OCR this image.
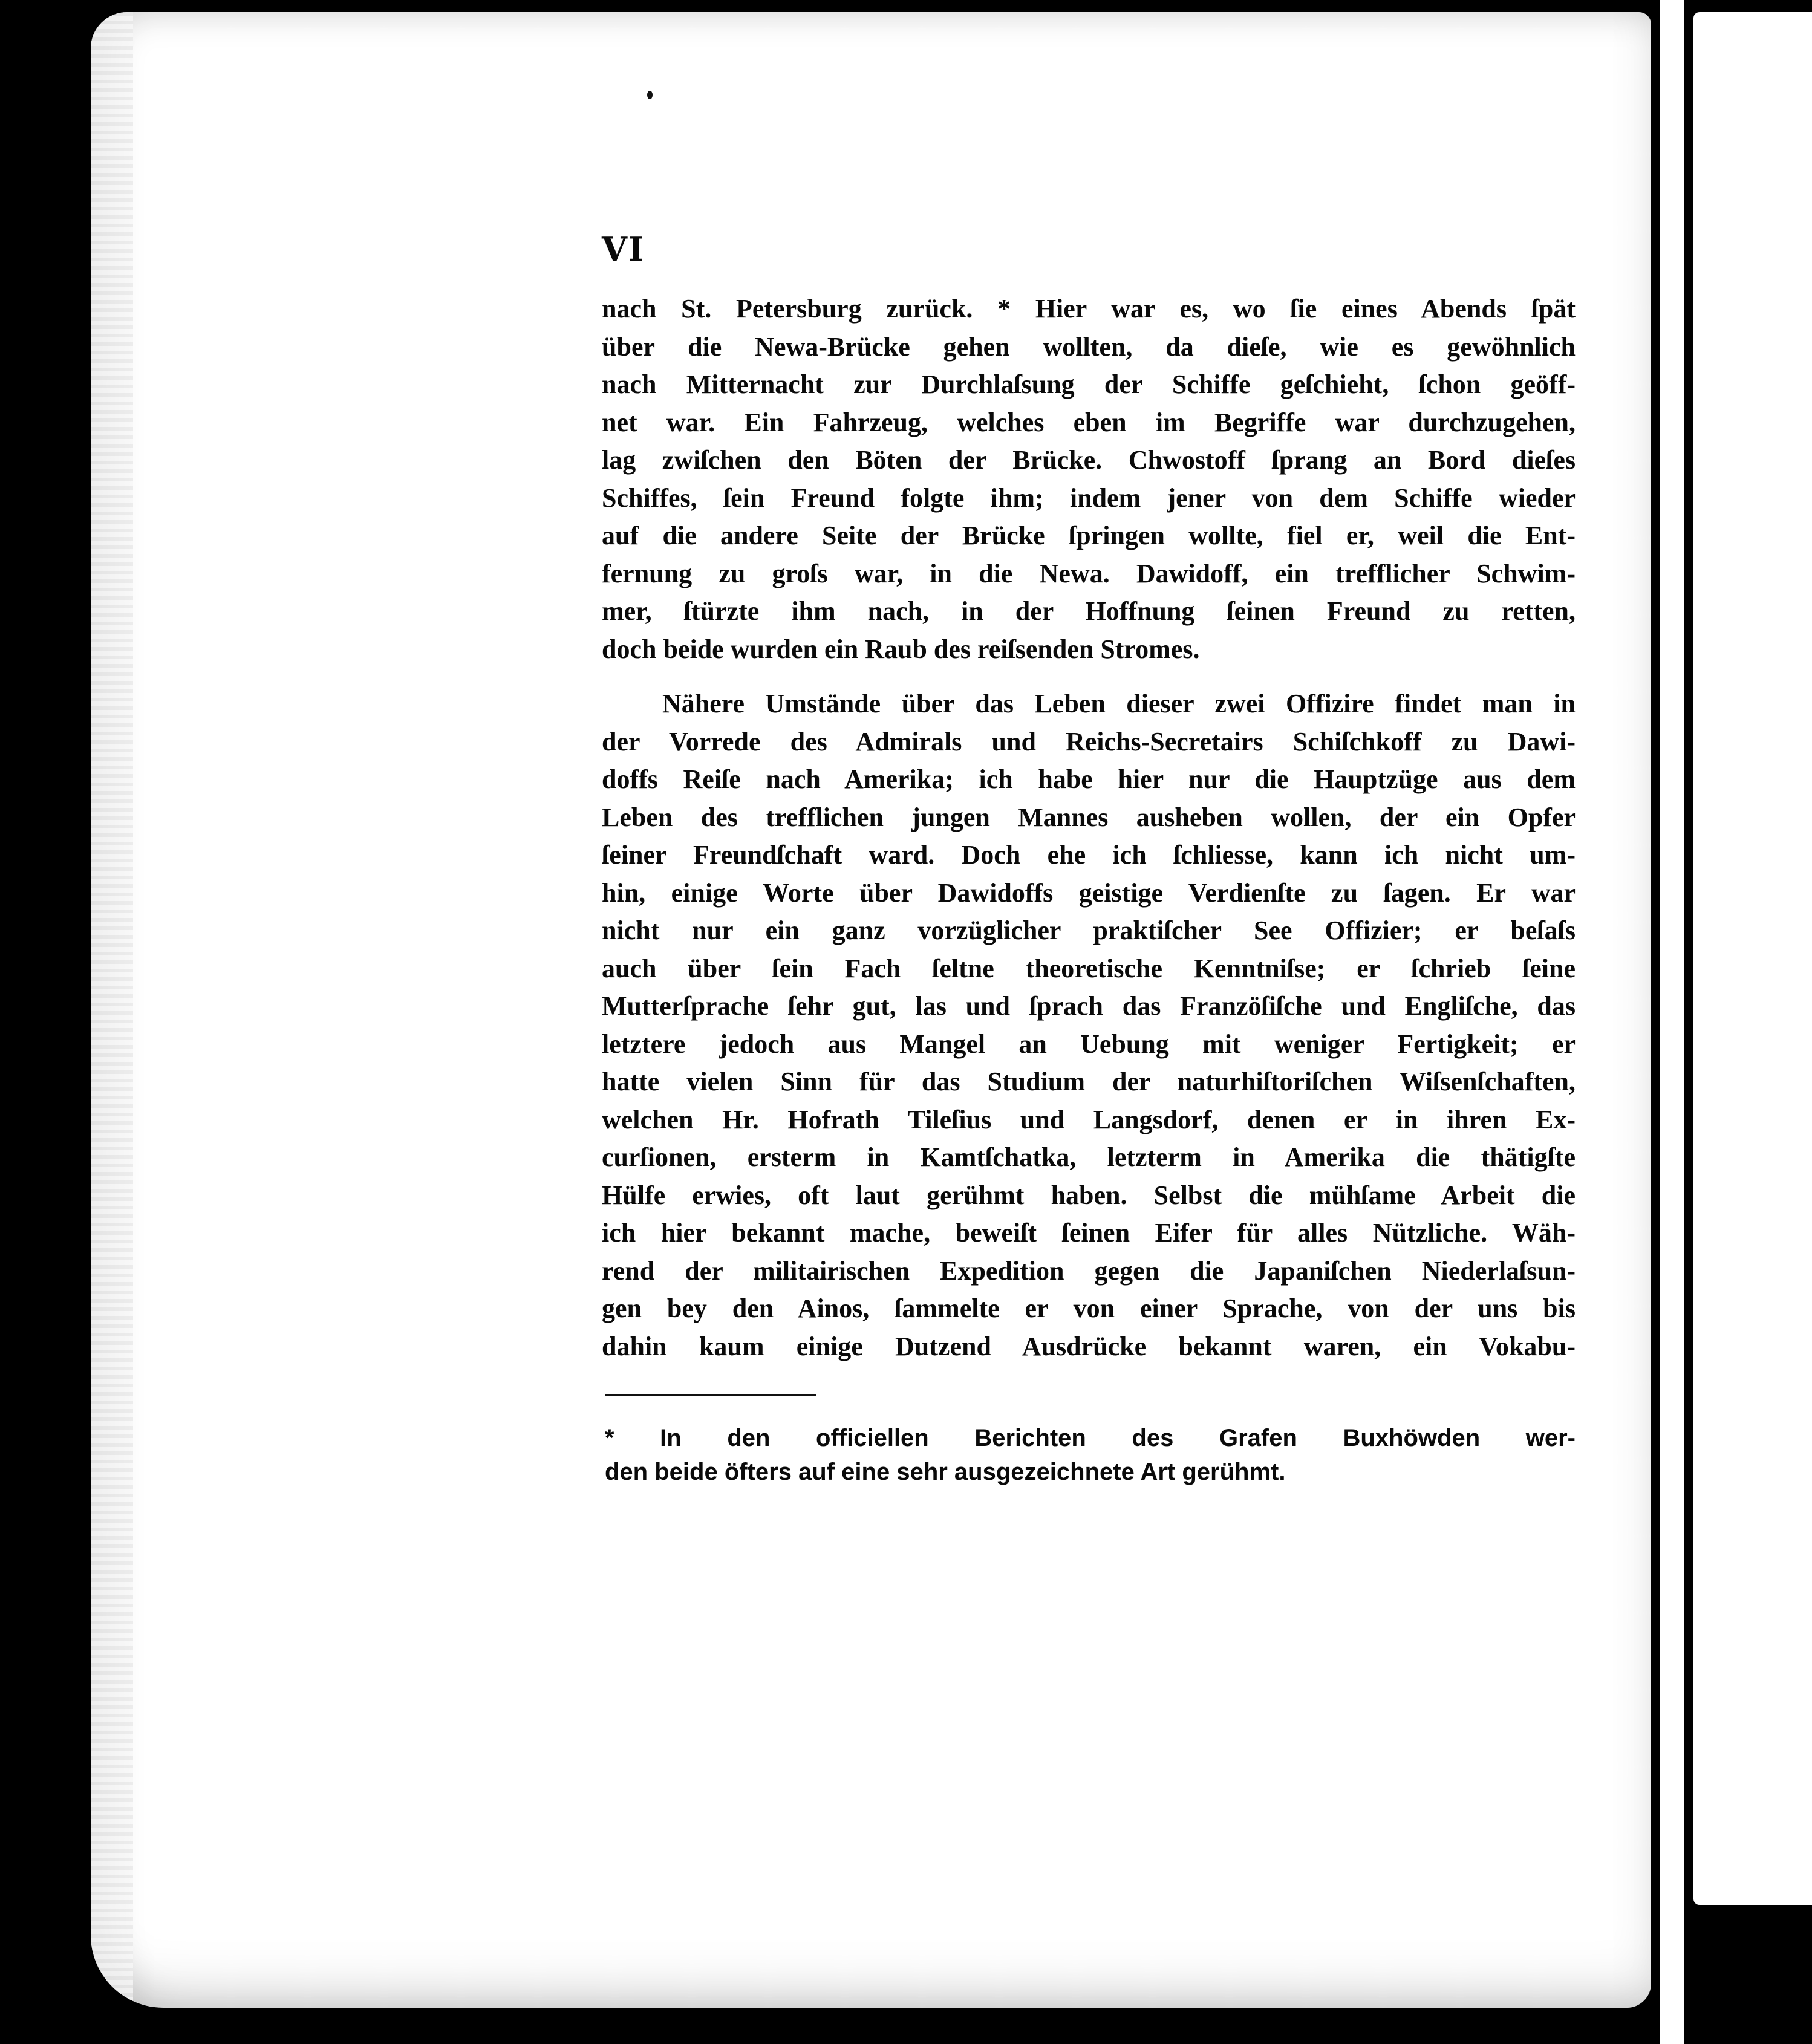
VI
nach St. Petersburg zurück. * Hier war es, wo ſie eines Abends ſpät
über die Newa-Brücke gehen wollten, da dieſe, wie es gewöhnlich
nach Mitternacht zur Durchlaſsung der Schiffe geſchieht, ſchon geöff-
net war. Ein Fahrzeug, welches eben im Begriffe war durchzugehen,
lag zwiſchen den Böten der Brücke. Chwostoff ſprang an Bord dieſes
Schiffes, ſein Freund folgte ihm; indem jener von dem Schiffe wieder
auf die andere Seite der Brücke ſpringen wollte, fiel er, weil die Ent-
fernung zu groſs war, in die Newa. Dawidoff, ein trefflicher Schwim-
mer, ſtürzte ihm nach, in der Hoffnung ſeinen Freund zu retten,
doch beide wurden ein Raub des reiſsenden Stromes.
Nähere Umstände über das Leben dieser zwei Offizire findet man in
der Vorrede des Admirals und Reichs-Secretairs Schiſchkoff zu Dawi-
doffs Reiſe nach Amerika; ich habe hier nur die Hauptzüge aus dem
Leben des trefflichen jungen Mannes ausheben wollen, der ein Opfer
ſeiner Freundſchaft ward. Doch ehe ich ſchliesse, kann ich nicht um-
hin, einige Worte über Dawidoffs geistige Verdienſte zu ſagen. Er war
nicht nur ein ganz vorzüglicher praktiſcher See Offizier; er beſaſs
auch über ſein Fach ſeltne theoretische Kenntniſse; er ſchrieb ſeine
Mutterſprache ſehr gut, las und ſprach das Franzöſiſche und Engliſche, das
letztere jedoch aus Mangel an Uebung mit weniger Fertigkeit; er
hatte vielen Sinn für das Studium der naturhiſtoriſchen Wiſsenſchaften,
welchen Hr. Hofrath Tileſius und Langsdorf, denen er in ihren Ex-
curſionen, ersterm in Kamtſchatka, letzterm in Amerika die thätigſte
Hülfe erwies, oft laut gerühmt haben. Selbst die mühſame Arbeit die
ich hier bekannt mache, beweiſt ſeinen Eifer für alles Nützliche. Wäh-
rend der militairischen Expedition gegen die Japaniſchen Niederlaſsun-
gen bey den Ainos, ſammelte er von einer Sprache, von der uns bis
dahin kaum einige Dutzend Ausdrücke bekannt waren, ein Vokabu-
* In den officiellen Berichten des Grafen Buxhöwden wer-
den beide öfters auf eine sehr ausgezeichnete Art gerühmt.
